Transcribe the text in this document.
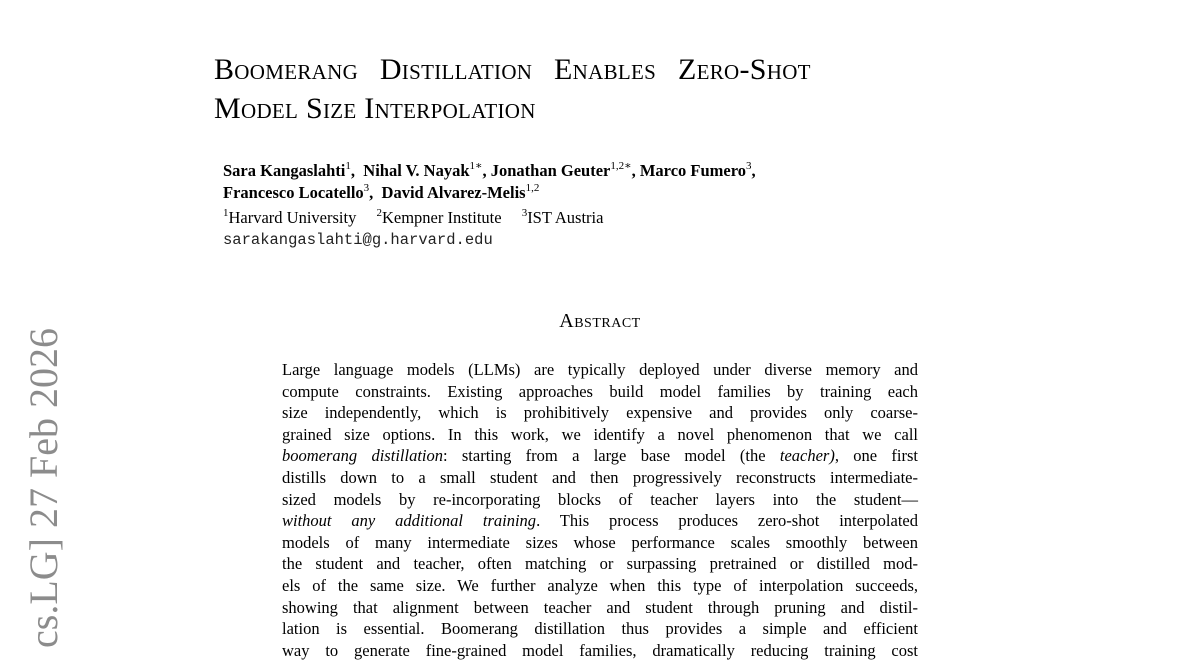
Boomerang Distillation Enables Zero-Shot
Model Size Interpolation
Sara Kangaslahti$^1$,  Nihal V. Nayak$^{1∗}$, Jonathan Geuter$^{1,2∗}$, Marco Fumero$^3$,
Francesco Locatello$^3$,  David Alvarez-Melis$^{1,2}$
$^1$Harvard University $^2$Kempner Institute $^3$IST Austria
sarakangaslahti@g.harvard.edu
Abstract
Large language models (LLMs) are typically deployed under diverse memory and
compute constraints. Existing approaches build model families by training each
size independently, which is prohibitively expensive and provides only coarse-
grained size options. In this work, we identify a novel phenomenon that we call
boomerang distillation: starting from a large base model (the teacher), one first
distills down to a small student and then progressively reconstructs intermediate-
sized models by re-incorporating blocks of teacher layers into the student—
without any additional training. This process produces zero-shot interpolated
models of many intermediate sizes whose performance scales smoothly between
the student and teacher, often matching or surpassing pretrained or distilled mod-
els of the same size. We further analyze when this type of interpolation succeeds,
showing that alignment between teacher and student through pruning and distil-
lation is essential. Boomerang distillation thus provides a simple and efficient
way to generate fine-grained model families, dramatically reducing training cost
cs.LG] 27 Feb 2026
